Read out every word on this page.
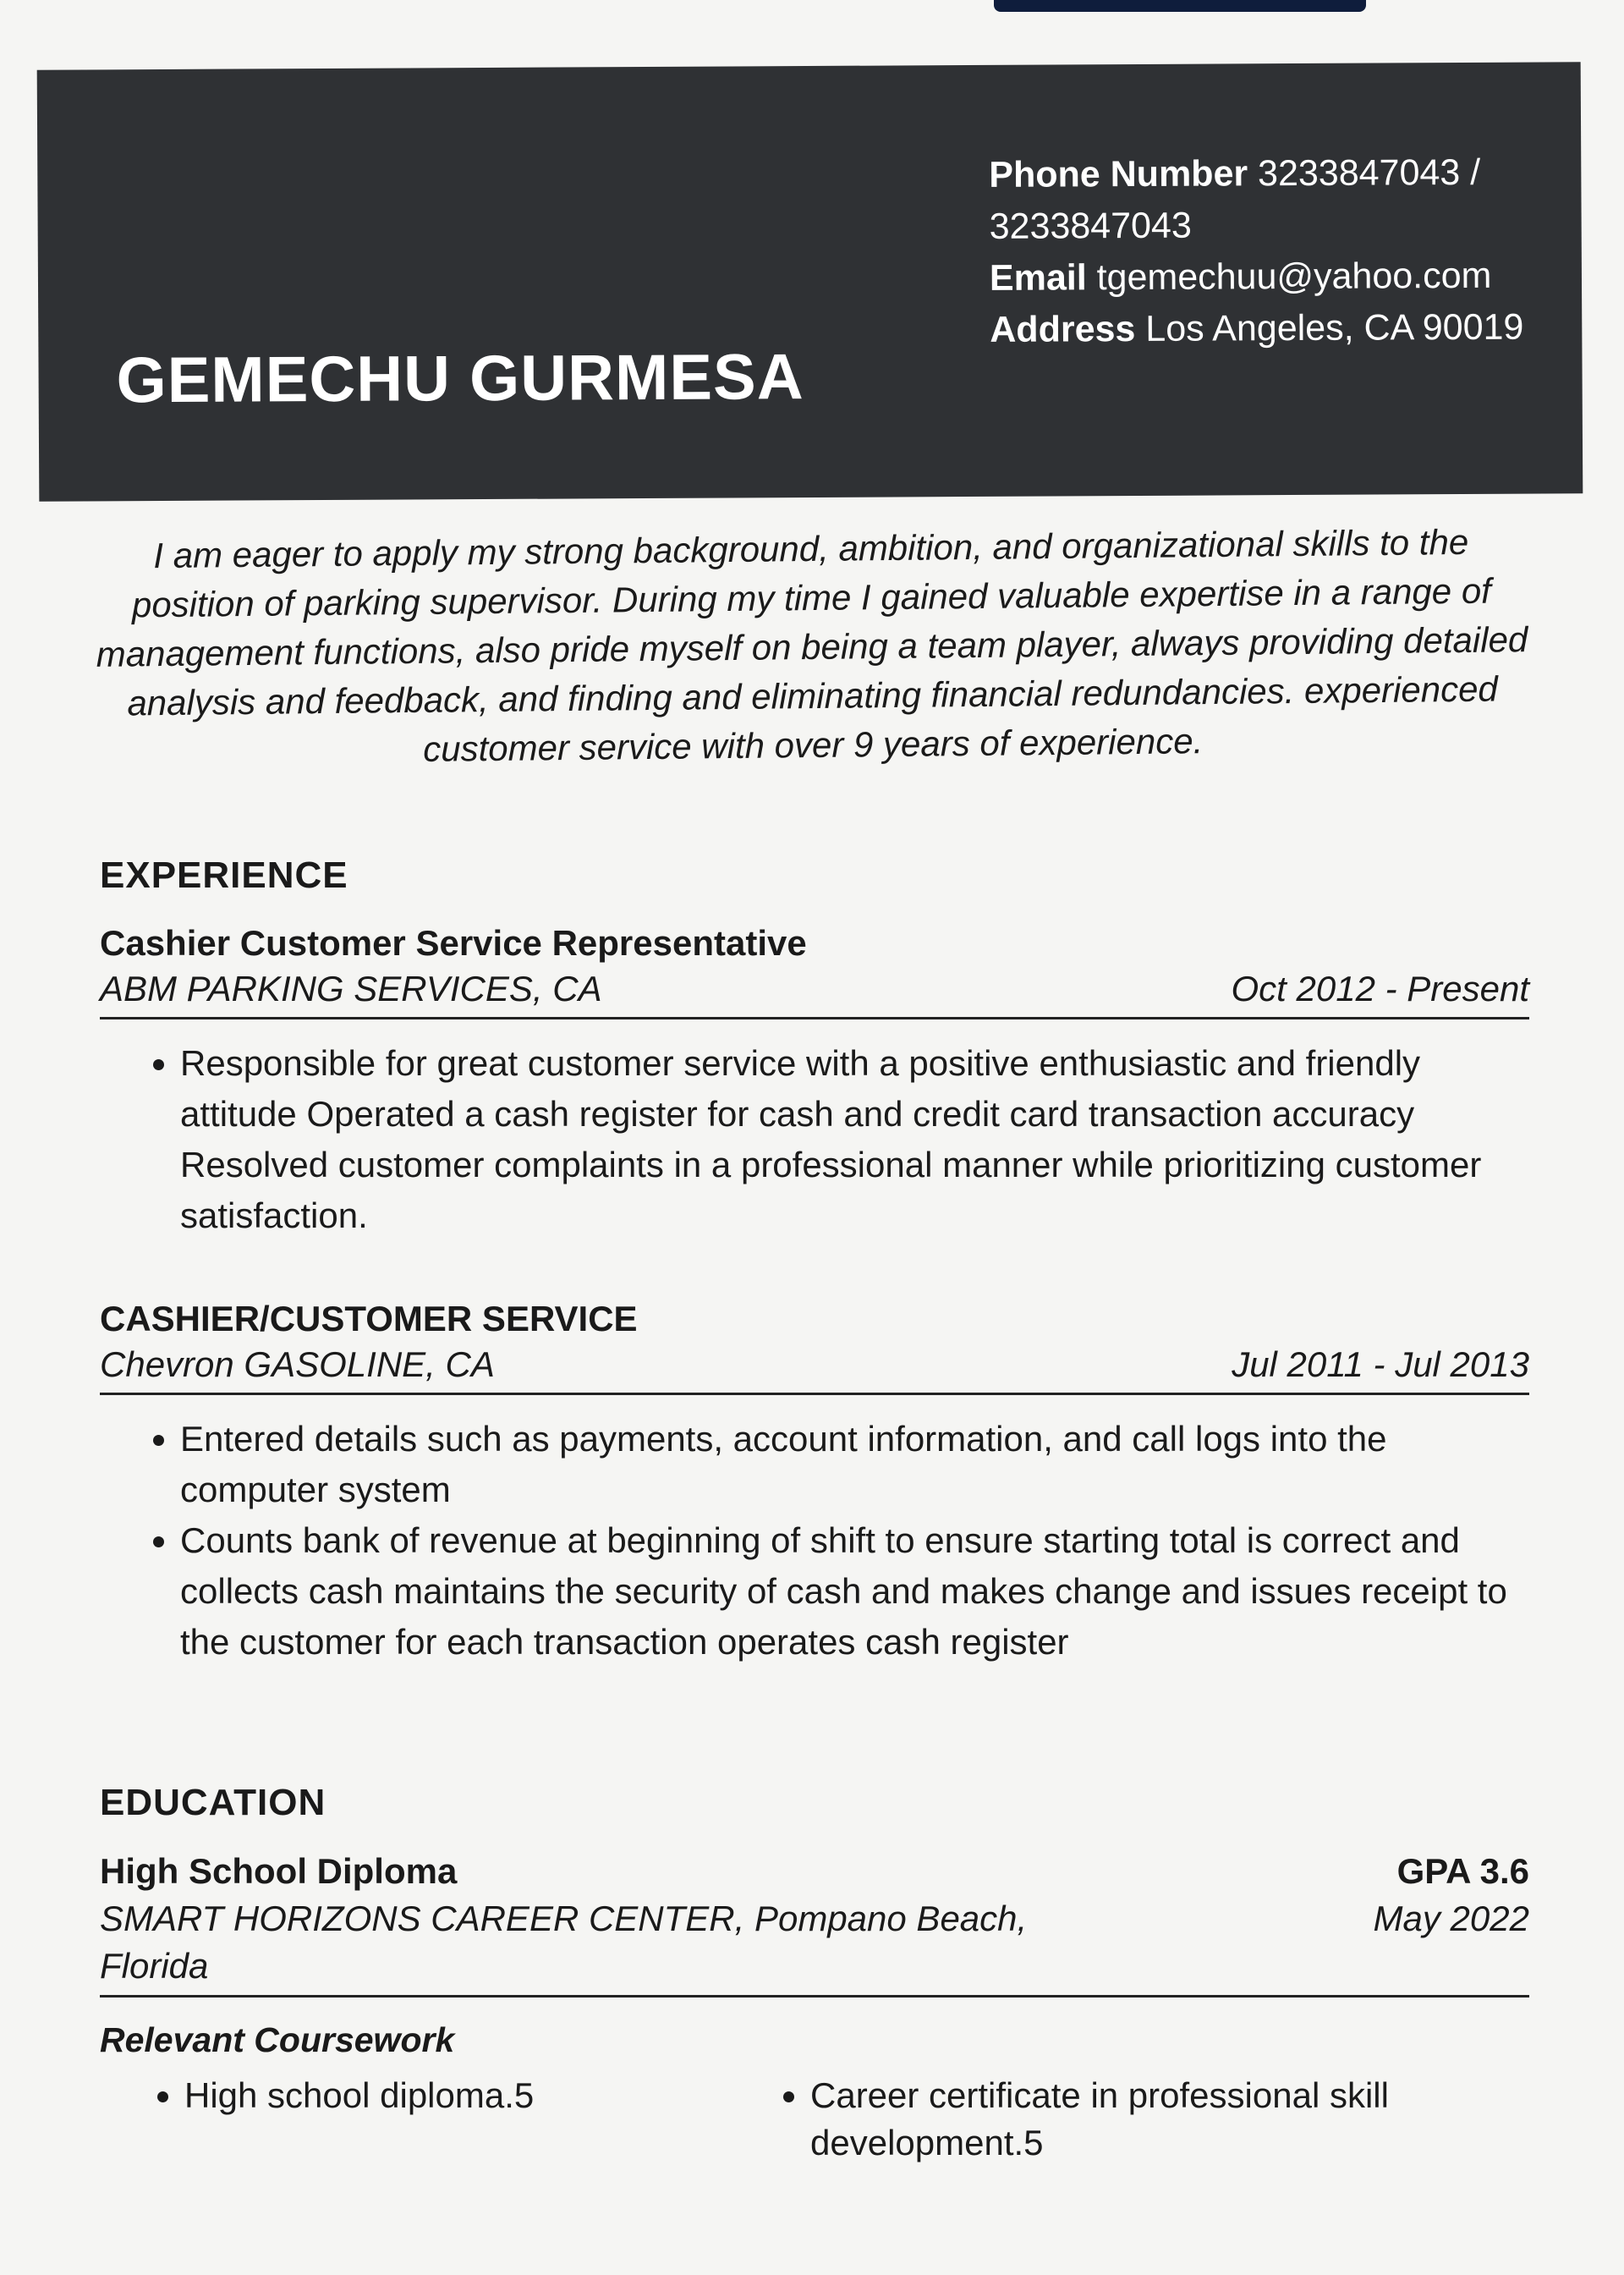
GEMECHU GURMESA
Phone Number 3233847043 / 3233847043
Email tgemechuu@yahoo.com
Address Los Angeles, CA 90019

I am eager to apply my strong background, ambition, and organizational skills to the position of parking supervisor. During my time I gained valuable expertise in a range of management functions, also pride myself on being a team player, always providing detailed analysis and feedback, and finding and eliminating financial redundancies. experienced customer service with over 9 years of experience.

EXPERIENCE

Cashier Customer Service Representative

ABM PARKING SERVICES, CA	Oct 2012 - Present
• Responsible for great customer service with a positive enthusiastic and friendly attitude Operated a cash register for cash and credit card transaction accuracy Resolved customer complaints in a professional manner while prioritizing customer satisfaction.

CASHIER/CUSTOMER SERVICE

Chevron GASOLINE, CA	Jul 2011 - Jul 2013
• Entered details such as payments, account information, and call logs into the computer system
• Counts bank of revenue at beginning of shift to ensure starting total is correct and collects cash maintains the security of cash and makes change and issues receipt to the customer for each transaction operates cash register
EDUCATION

High School Diploma

SMART HORIZONS CAREER CENTER, Pompano Beach, Florida

GPA 3.6

May 2022

Relevant Coursework

• High school diploma.5
•	Career certificate in professional skill development.5
